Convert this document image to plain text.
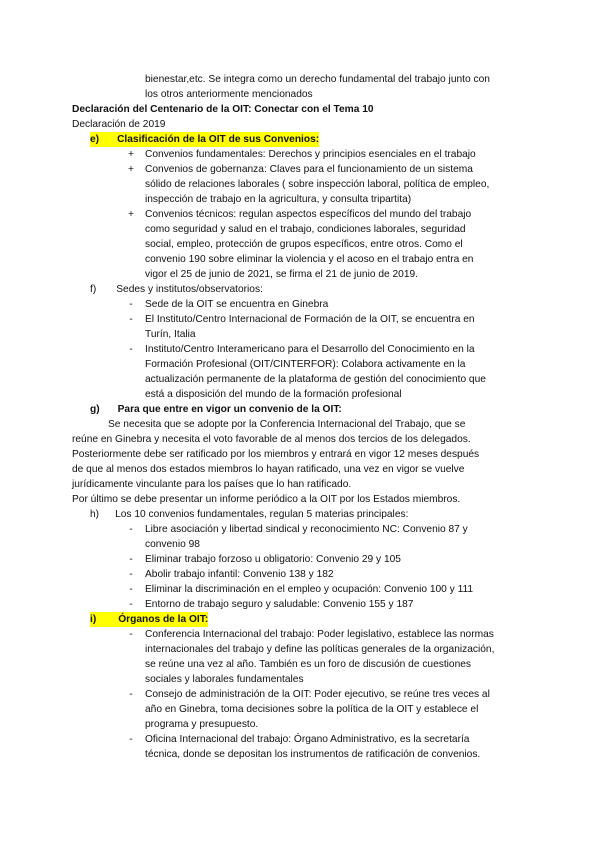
bienestar,etc. Se integra como un derecho fundamental del trabajo junto con
los otros anteriormente mencionados
Declaración del Centenario de la OIT: Conectar con el Tema 10
Declaración de 2019
e) Clasificación de la OIT de sus Convenios:
+ Convenios fundamentales: Derechos y principios esenciales en el trabajo
+ Convenios de gobernanza: Claves para el funcionamiento de un sistema
sólido de relaciones laborales ( sobre inspección laboral, política de empleo,
inspección de trabajo en la agricultura, y consulta tripartita)
+ Convenios técnicos: regulan aspectos específicos del mundo del trabajo
como seguridad y salud en el trabajo, condiciones laborales, seguridad
social, empleo, protección de grupos específicos, entre otros. Como el
convenio 190 sobre eliminar la violencia y el acoso en el trabajo entra en
vigor el 25 de junio de 2021, se firma el 21 de junio de 2019.
f) Sedes y institutos/observatorios:
-	Sede de la OIT se encuentra en Ginebra
-	El Instituto/Centro Internacional de Formación de la OIT, se encuentra en
Turín, Italia
-	Instituto/Centro Interamericano para el Desarrollo del Conocimiento en la
Formación Profesional (OIT/CINTERFOR): Colabora activamente en la
actualización permanente de la plataforma de gestión del conocimiento que
está a disposición del mundo de la formación profesional
g) Para que entre en vigor un convenio de la OIT:
Se necesita que se adopte por la Conferencia Internacional del Trabajo, que se
reúne en Ginebra y necesita el voto favorable de al menos dos tercios de los delegados.
Posteriormente debe ser ratificado por los miembros y entrará en vigor 12 meses después
de que al menos dos estados miembros lo hayan ratificado, una vez en vigor se vuelve
jurídicamente vinculante para los países que lo han ratificado.
Por último se debe presentar un informe periódico a la OIT por los Estados miembros.
h) Los 10 convenios fundamentales, regulan 5 materias principales:
-	Libre asociación y libertad sindical y reconocimiento NC: Convenio 87 y
convenio 98
-	Eliminar trabajo forzoso u obligatorio: Convenio 29 y 105
-	Abolir trabajo infantil: Convenio 138 y 182
-	Eliminar la discriminación en el empleo y ocupación: Convenio 100 y 111
-	Entorno de trabajo seguro y saludable: Convenio 155 y 187
i) Órganos de la OIT:
-	Conferencia Internacional del trabajo: Poder legislativo, establece las normas
internacionales del trabajo y define las políticas generales de la organización,
se reúne una vez al año. También es un foro de discusión de cuestiones
sociales y laborales fundamentales
-	Consejo de administración de la OIT: Poder ejecutivo, se reúne tres veces al
año en Ginebra, toma decisiones sobre la política de la OIT y establece el
programa y presupuesto.
-	Oficina Internacional del trabajo: Órgano Administrativo, es la secretaría
técnica, donde se depositan los instrumentos de ratificación de convenios.
